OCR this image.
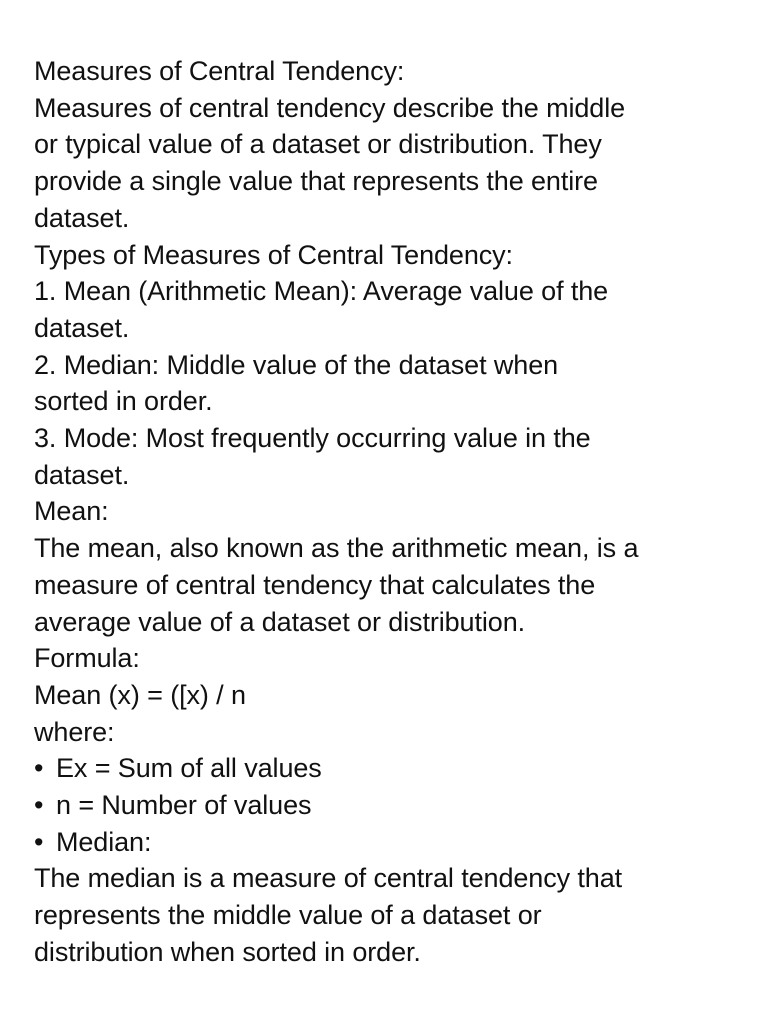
Measures of Central Tendency:
Measures of central tendency describe the middle
or typical value of a dataset or distribution. They
provide a single value that represents the entire
dataset.
Types of Measures of Central Tendency:
1. Mean (Arithmetic Mean): Average value of the
dataset.
2. Median: Middle value of the dataset when
sorted in order.
3. Mode: Most frequently occurring value in the
dataset.
Mean:
The mean, also known as the arithmetic mean, is a
measure of central tendency that calculates the
average value of a dataset or distribution.
Formula:
Mean (x) = ([x) / n
where:
• Ex = Sum of all values
• n = Number of values
• Median:
The median is a measure of central tendency that
represents the middle value of a dataset or
distribution when sorted in order.
